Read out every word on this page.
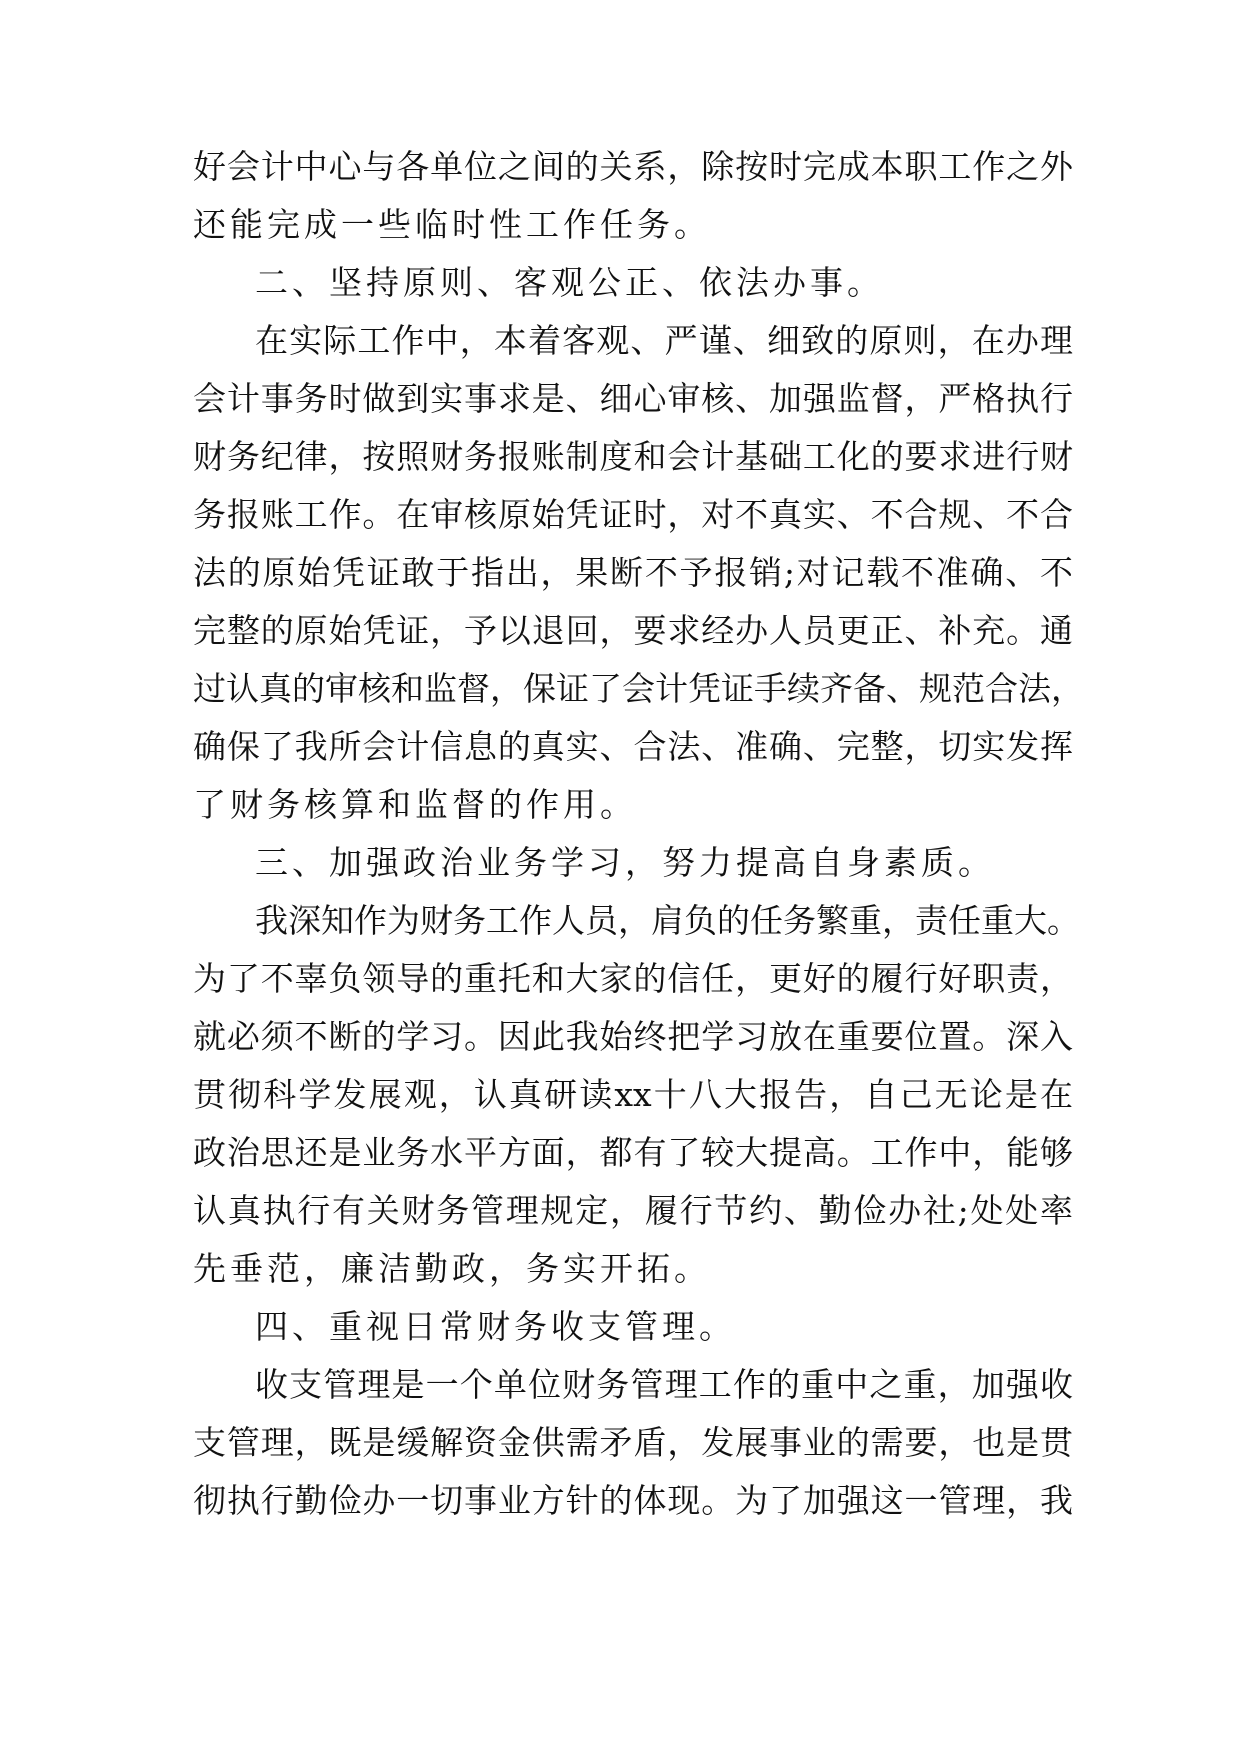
好会计中心与各单位之间的关系，除按时完成本职工作之外
还能完成一些临时性工作任务。
二、坚持原则、客观公正、依法办事。
在实际工作中，本着客观、严谨、细致的原则，在办理
会计事务时做到实事求是、细心审核、加强监督，严格执行
财务纪律，按照财务报账制度和会计基础工化的要求进行财
务报账工作。在审核原始凭证时，对不真实、不合规、不合
法的原始凭证敢于指出，果断不予报销;对记载不准确、不
完整的原始凭证，予以退回，要求经办人员更正、补充。通
过认真的审核和监督，保证了会计凭证手续齐备、规范合法，
确保了我所会计信息的真实、合法、准确、完整，切实发挥
了财务核算和监督的作用。
三、加强政治业务学习，努力提高自身素质。
我深知作为财务工作人员，肩负的任务繁重，责任重大。
为了不辜负领导的重托和大家的信任，更好的履行好职责，
就必须不断的学习。因此我始终把学习放在重要位置。深入
贯彻科学发展观，认真研读xx十八大报告，自己无论是在
政治思还是业务水平方面，都有了较大提高。工作中，能够
认真执行有关财务管理规定，履行节约、勤俭办社;处处率
先垂范，廉洁勤政，务实开拓。
四、重视日常财务收支管理。
收支管理是一个单位财务管理工作的重中之重，加强收
支管理，既是缓解资金供需矛盾，发展事业的需要，也是贯
彻执行勤俭办一切事业方针的体现。为了加强这一管理，我
